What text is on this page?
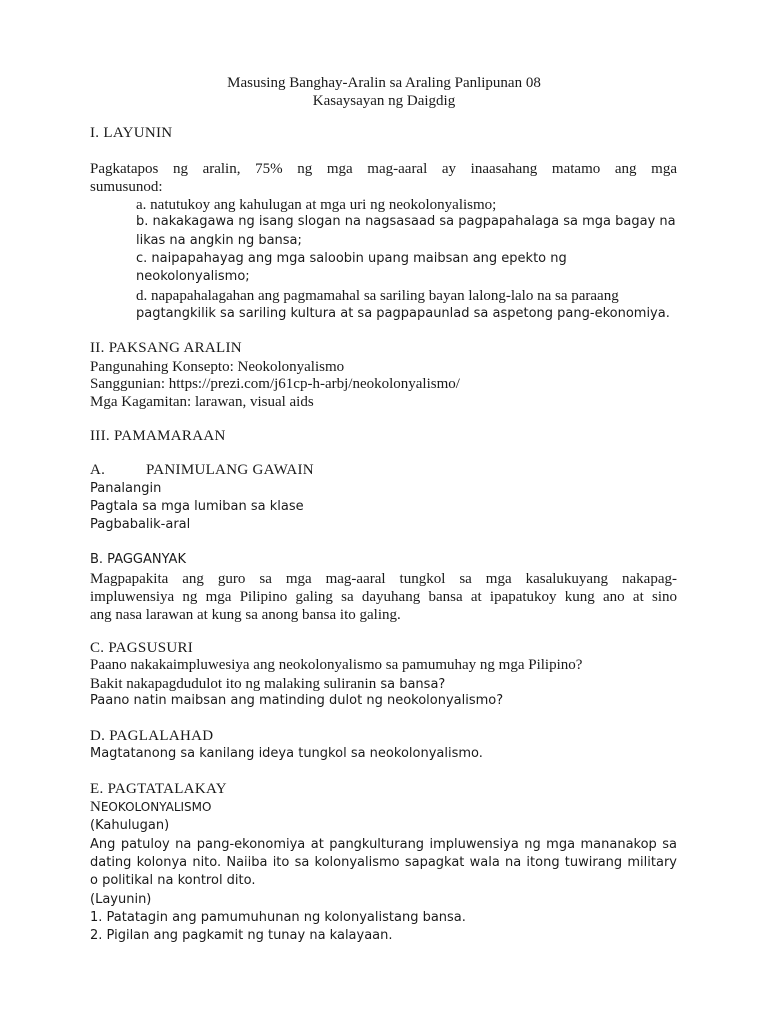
Masusing Banghay-Aralin sa Araling Panlipunan 08
Kasaysayan ng Daigdig
I. LAYUNIN
Pagkatapos ng aralin, 75% ng mga mag-aaral ay inaasahang matamo ang mga
sumusunod:
a. natutukoy ang kahulugan at mga uri ng neokolonyalismo;
b. nakakagawa ng isang slogan na nagsasaad sa pagpapahalaga sa mga bagay na
likas na angkin ng bansa;
c. naipapahayag ang mga saloobin upang maibsan ang epekto ng
neokolonyalismo;
d. napapahalagahan ang pagmamahal sa sariling bayan lalong-lalo na sa paraang
pagtangkilik sa sariling kultura at sa pagpapaunlad sa aspetong pang-ekonomiya.
II. PAKSANG ARALIN
Pangunahing Konsepto: Neokolonyalismo
Sanggunian: https://prezi.com/j61cp-h-arbj/neokolonyalismo/
Mga Kagamitan: larawan, visual aids
III. PAMAMARAAN
A.	PANIMULANG GAWAIN
Panalangin
Pagtala sa mga lumiban sa klase
Pagbabalik-aral
B. PAGGANYAK
Magpapakita ang guro sa mga mag-aaral tungkol sa mga kasalukuyang nakapag-
impluwensiya ng mga Pilipino galing sa dayuhang bansa at ipapatukoy kung ano at sino
ang nasa larawan at kung sa anong bansa ito galing.
C. PAGSUSURI
Paano nakakaimpluwesiya ang neokolonyalismo sa pamumuhay ng mga Pilipino?
Bakit nakapagdudulot ito ng malaking suliranin sa bansa?
Paano natin maibsan ang matinding dulot ng neokolonyalismo?
D. PAGLALAHAD
Magtatanong sa kanilang ideya tungkol sa neokolonyalismo.
E. PAGTATALAKAY
NEOKOLONYALISMO
(Kahulugan)
Ang patuloy na pang-ekonomiya at pangkulturang impluwensiya ng mga mananakop sa
dating kolonya nito. Naiiba ito sa kolonyalismo sapagkat wala na itong tuwirang military
o politikal na kontrol dito.
(Layunin)
1. Patatagin ang pamumuhunan ng kolonyalistang bansa.
2. Pigilan ang pagkamit ng tunay na kalayaan.
